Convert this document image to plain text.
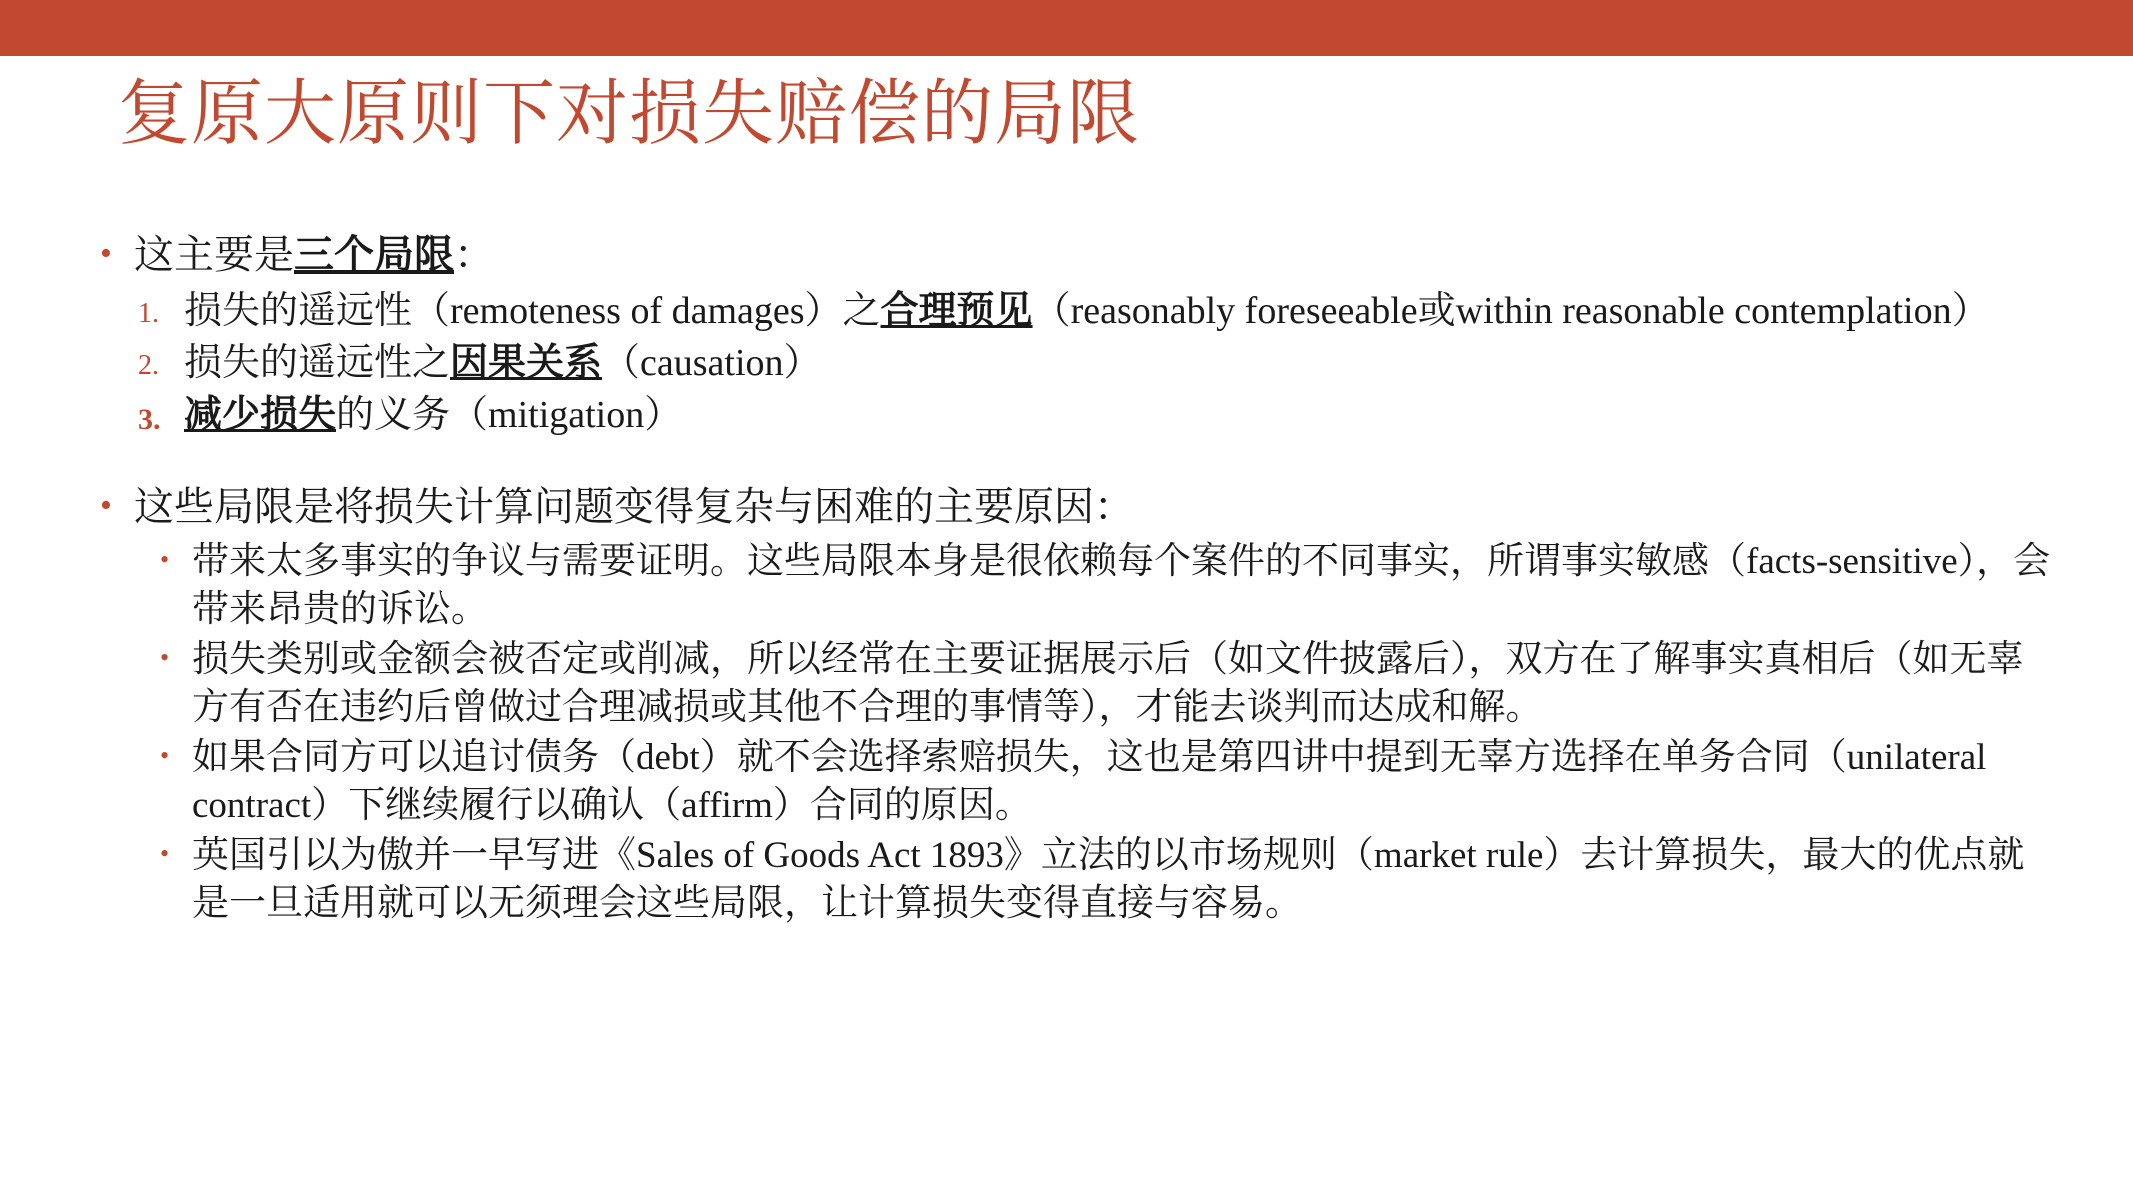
复原大原则下对损失赔偿的局限
• 这主要是三个局限：
1. 损失的遥远性（remoteness of damages）之合理预见（reasonably foreseeable或within reasonable contemplation）
2. 损失的遥远性之因果关系（causation）
3. 减少损失的义务（mitigation）
• 这些局限是将损失计算问题变得复杂与困难的主要原因：
• 带来太多事实的争议与需要证明。这些局限本身是很依赖每个案件的不同事实，所谓事实敏感（facts-sensitive），会带来昂贵的诉讼。
• 损失类别或金额会被否定或削减，所以经常在主要证据展示后（如文件披露后），双方在了解事实真相后（如无辜方有否在违约后曾做过合理减损或其他不合理的事情等），才能去谈判而达成和解。
• 如果合同方可以追讨债务（debt）就不会选择索赔损失，这也是第四讲中提到无辜方选择在单务合同（unilateral contract）下继续履行以确认（affirm）合同的原因。
• 英国引以为傲并一早写进《Sales of Goods Act 1893》立法的以市场规则（market rule）去计算损失，最大的优点就是一旦适用就可以无须理会这些局限，让计算损失变得直接与容易。
